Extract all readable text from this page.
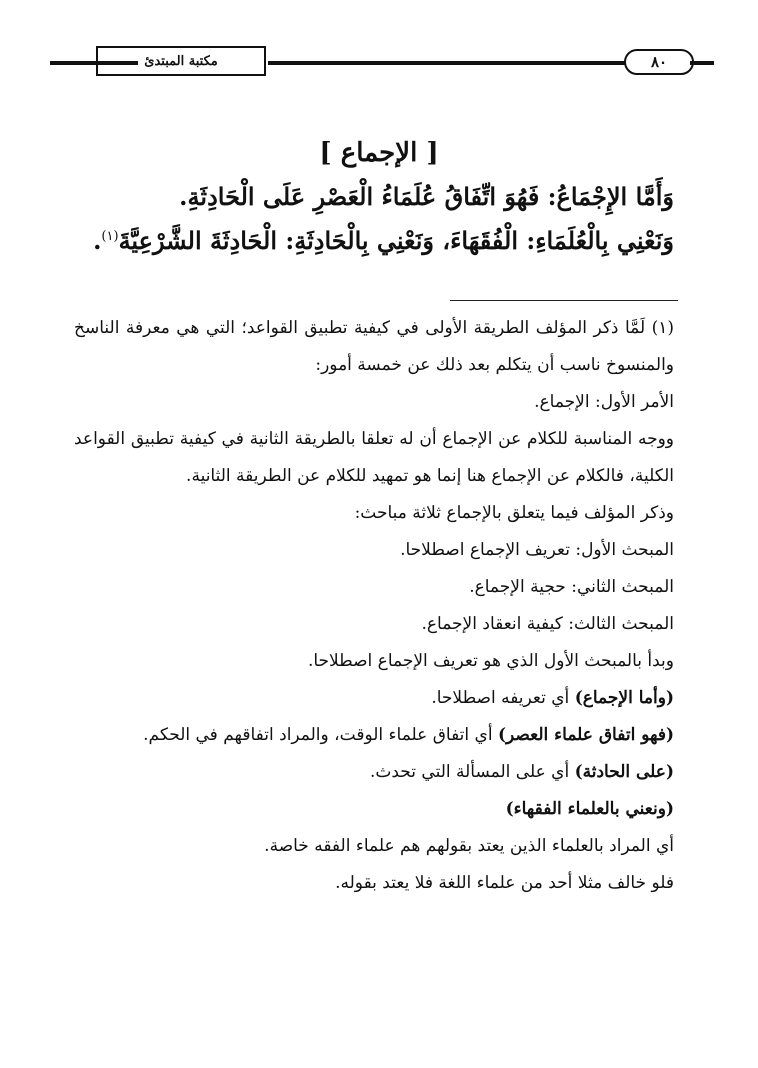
مكتبة المبتدئ	٨٠
[ الإجماع ]
وَأَمَّا الإِجْمَاعُ: فَهُوَ اتِّفَاقُ عُلَمَاءُ الْعَصْرِ عَلَى الْحَادِثَةِ.
وَنَعْنِي بِالْعُلَمَاءِ: الْفُقَهَاءَ، وَنَعْنِي بِالْحَادِثَةِ: الْحَادِثَةَ الشَّرْعِيَّةَ$^{(١)}$.
(١) لَمَّا ذكر المؤلف الطريقة الأولى في كيفية تطبيق القواعد؛ التي هي معرفة الناسخ
والمنسوخ ناسب أن يتكلم بعد ذلك عن خمسة أمور:
الأمر الأول: الإجماع.
ووجه المناسبة للكلام عن الإجماع أن له تعلقا بالطريقة الثانية في كيفية تطبيق القواعد
الكلية، فالكلام عن الإجماع هنا إنما هو تمهيد للكلام عن الطريقة الثانية.
وذكر المؤلف فيما يتعلق بالإجماع ثلاثة مباحث:
المبحث الأول: تعريف الإجماع اصطلاحا.
المبحث الثاني: حجية الإجماع.
المبحث الثالث: كيفية انعقاد الإجماع.
وبدأ بالمبحث الأول الذي هو تعريف الإجماع اصطلاحا.
(وأما الإجماع) أي تعريفه اصطلاحا.
(فهو اتفاق علماء العصر) أي اتفاق علماء الوقت، والمراد اتفاقهم في الحكم.
(على الحادثة) أي على المسألة التي تحدث.
(ونعني بالعلماء الفقهاء)
أي المراد بالعلماء الذين يعتد بقولهم هم علماء الفقه خاصة.
فلو خالف مثلا أحد من علماء اللغة فلا يعتد بقوله.
